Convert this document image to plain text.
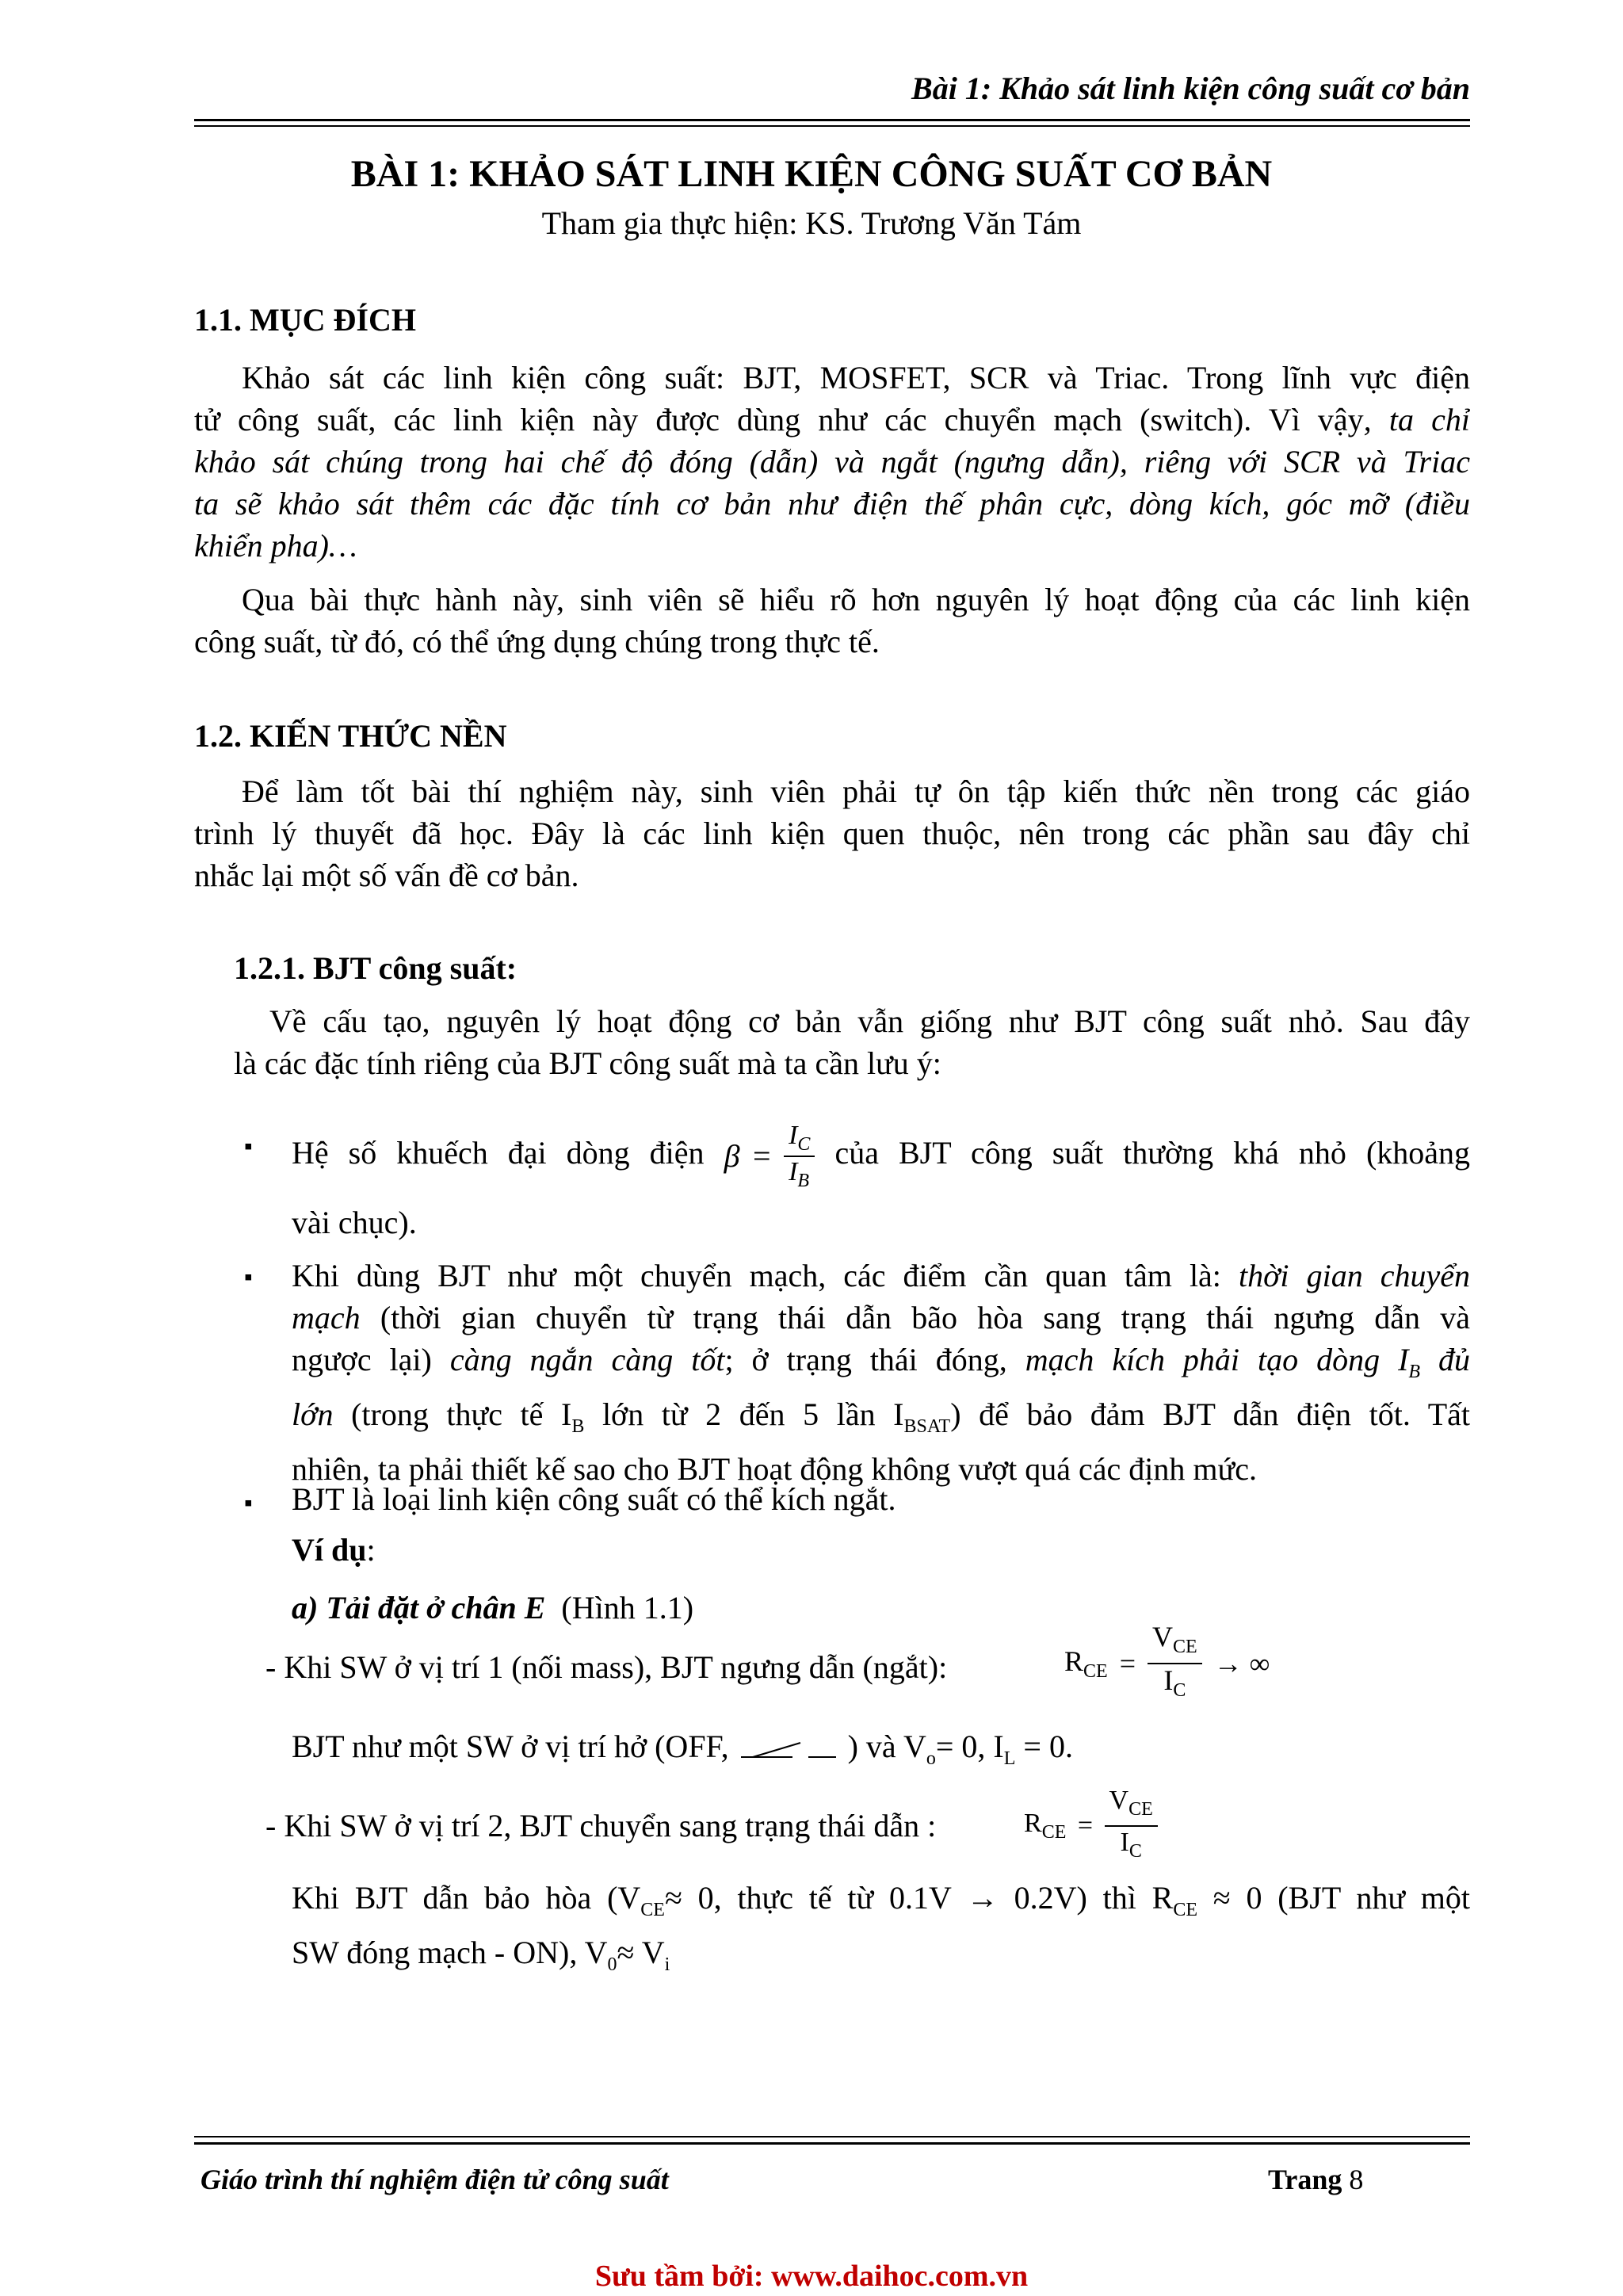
Bài 1: Khảo sát linh kiện công suất cơ bản
BÀI 1: KHẢO SÁT LINH KIỆN CÔNG SUẤT CƠ BẢN
Tham gia thực hiện: KS. Trương Văn Tám
1.1. MỤC ĐÍCH
Khảo sát các linh kiện công suất: BJT, MOSFET, SCR và Triac. Trong lĩnh vực điện
tử công suất, các linh kiện này được dùng như các chuyển mạch (switch). Vì vậy, ta chỉ
khảo sát chúng trong hai chế độ đóng (dẫn) và ngắt (ngưng dẫn), riêng với SCR và Triac
ta sẽ khảo sát thêm các đặc tính cơ bản như điện thế phân cực, dòng kích, góc mỡ (điều
khiển pha)…
Qua bài thực hành này, sinh viên sẽ hiểu rõ hơn nguyên lý hoạt động của các linh kiện
công suất, từ đó, có thể ứng dụng chúng trong thực tế.
1.2. KIẾN THỨC NỀN
Để làm tốt bài thí nghiệm này, sinh viên phải tự ôn tập kiến thức nền trong các giáo
trình lý thuyết đã học. Đây là các linh kiện quen thuộc, nên trong các phần sau đây chỉ
nhắc lại một số vấn đề cơ bản.
1.2.1. BJT công suất:
Về cấu tạo, nguyên lý hoạt động cơ bản vẫn giống như BJT công suất nhỏ. Sau đây
là các đặc tính riêng của BJT công suất mà ta cần lưu ý:
▪ Hệ số khuếch đại dòng điện $\beta = \frac{I_C}{I_B}$ của BJT công suất thường khá nhỏ (khoảng
vài chục).
▪ Khi dùng BJT như một chuyển mạch, các điểm cần quan tâm là: thời gian chuyển
mạch (thời gian chuyển từ trạng thái dẫn bão hòa sang trạng thái ngưng dẫn và
ngược lại) càng ngắn càng tốt; ở trạng thái đóng, mạch kích phải tạo dòng $I_B$ đủ
lớn (trong thực tế $I_B$ lớn từ 2 đến 5 lần $I_{BSAT}$) để bảo đảm BJT dẫn điện tốt. Tất
nhiên, ta phải thiết kế sao cho BJT hoạt động không vượt quá các định mức.
▪ BJT là loại linh kiện công suất có thể kích ngắt.
Ví dụ:
a) Tải đặt ở chân E (Hình 1.1)
- Khi SW ở vị trí 1 (nối mass), BJT ngưng dẫn (ngắt):	$R_{CE} = \frac{V_{CE}}{I_C}$ → ∞
BJT như một SW ở vị trí hở (OFF,	) và $V_o= 0$, $I_L = 0$.
- Khi SW ở vị trí 2, BJT chuyển sang trạng thái dẫn :	$R_{CE} = \frac{V_{CE}}{I_C}$
Khi BJT dẫn bảo hòa ($V_{CE}\approx 0$, thực tế từ 0.1V → 0.2V) thì $R_{CE} \approx 0$ (BJT như một
SW đóng mạch - ON), $V_0\approx V_i$
Giáo trình thí nghiệm điện tử công suất	Trang 8
Sưu tầm bởi: www.daihoc.com.vn
